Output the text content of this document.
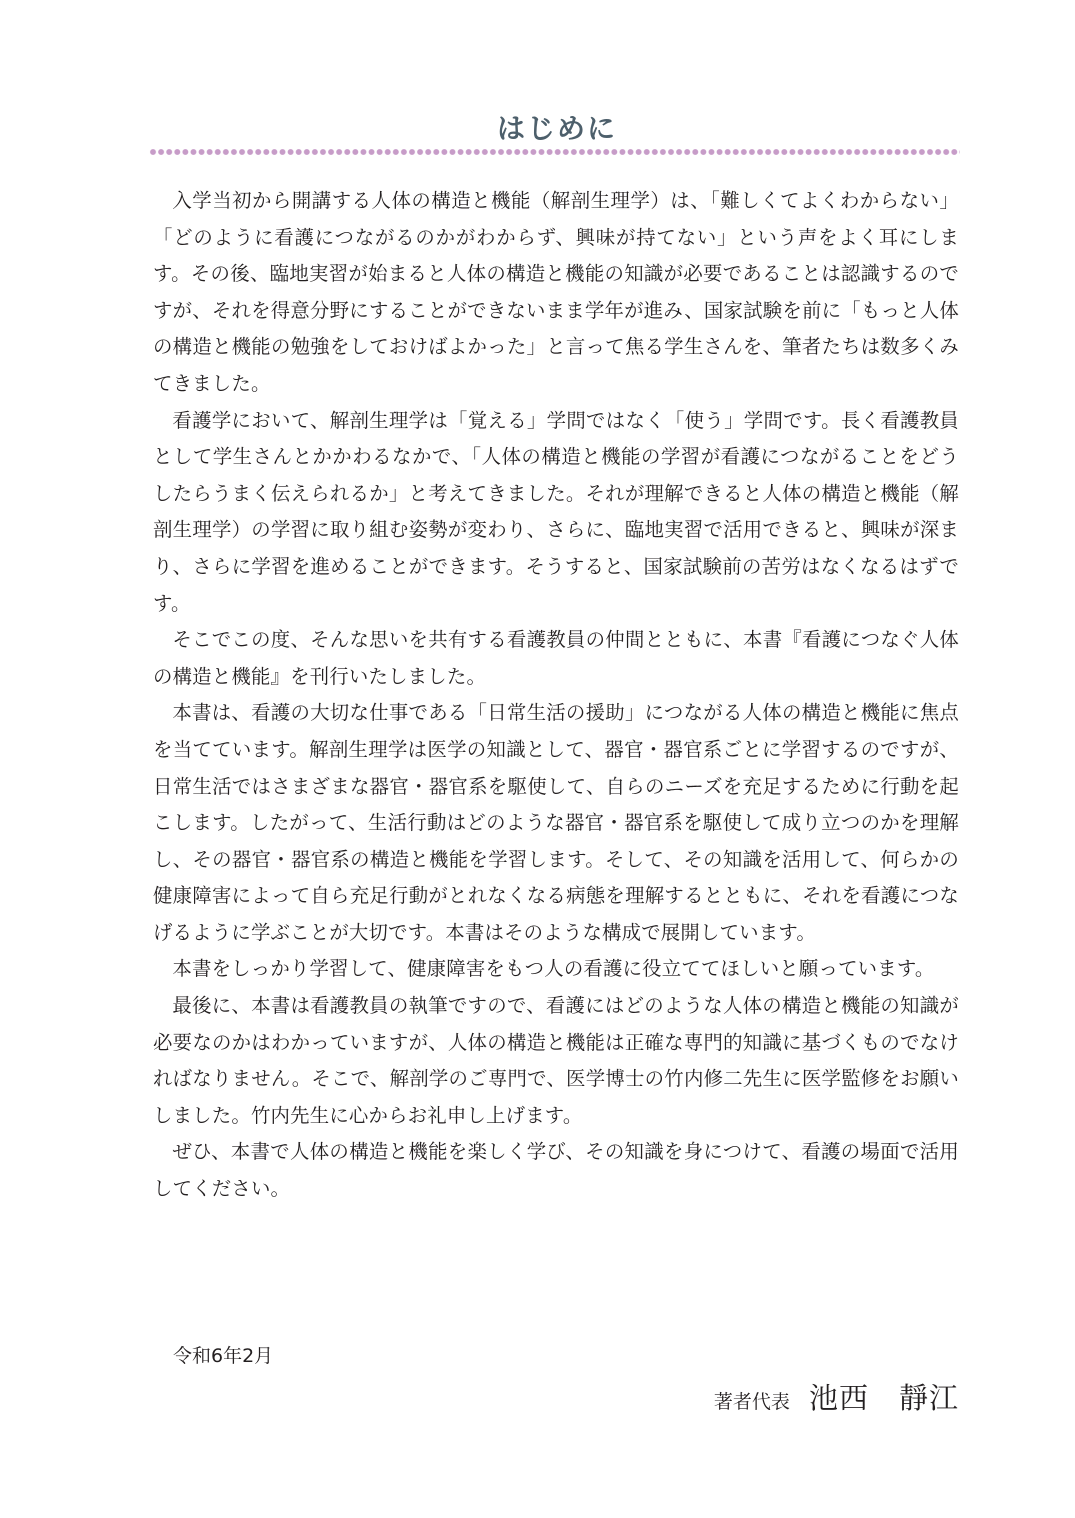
はじめに

入学当初から開講する人体の構造と機能（解剖生理学）は、「難しくてよくわからない」「どのように看護につながるのかがわからず、興味が持てない」という声をよく耳にします。その後、臨地実習が始まると人体の構造と機能の知識が必要であることは認識するのですが、それを得意分野にすることができないまま学年が進み、国家試験を前に「もっと人体の構造と機能の勉強をしておけばよかった」と言って焦る学生さんを、筆者たちは数多くみてきました。

看護学において、解剖生理学は「覚える」学問ではなく「使う」学問です。長く看護教員として学生さんとかかわるなかで、「人体の構造と機能の学習が看護につながることをどうしたらうまく伝えられるか」と考えてきました。それが理解できると人体の構造と機能（解剖生理学）の学習に取り組む姿勢が変わり、さらに、臨地実習で活用できると、興味が深まり、さらに学習を進めることができます。そうすると、国家試験前の苦労はなくなるはずです。

そこでこの度、そんな思いを共有する看護教員の仲間とともに、本書『看護につなぐ人体の構造と機能』を刊行いたしました。

本書は、看護の大切な仕事である「日常生活の援助」につながる人体の構造と機能に焦点を当てています。解剖生理学は医学の知識として、器官・器官系ごとに学習するのですが、日常生活ではさまざまな器官・器官系を駆使して、自らのニーズを充足するために行動を起こします。したがって、生活行動はどのような器官・器官系を駆使して成り立つのかを理解し、その器官・器官系の構造と機能を学習します。そして、その知識を活用して、何らかの健康障害によって自ら充足行動がとれなくなる病態を理解するとともに、それを看護につなげるように学ぶことが大切です。本書はそのような構成で展開しています。

本書をしっかり学習して、健康障害をもつ人の看護に役立ててほしいと願っています。

最後に、本書は看護教員の執筆ですので、看護にはどのような人体の構造と機能の知識が必要なのかはわかっていますが、人体の構造と機能は正確な専門的知識に基づくものでなければなりません。そこで、解剖学のご専門で、医学博士の竹内修二先生に医学監修をお願いしました。竹内先生に心からお礼申し上げます。

ぜひ、本書で人体の構造と機能を楽しく学び、その知識を身につけて、看護の場面で活用してください。

令和6年2月
著者代表 池西　靜江
